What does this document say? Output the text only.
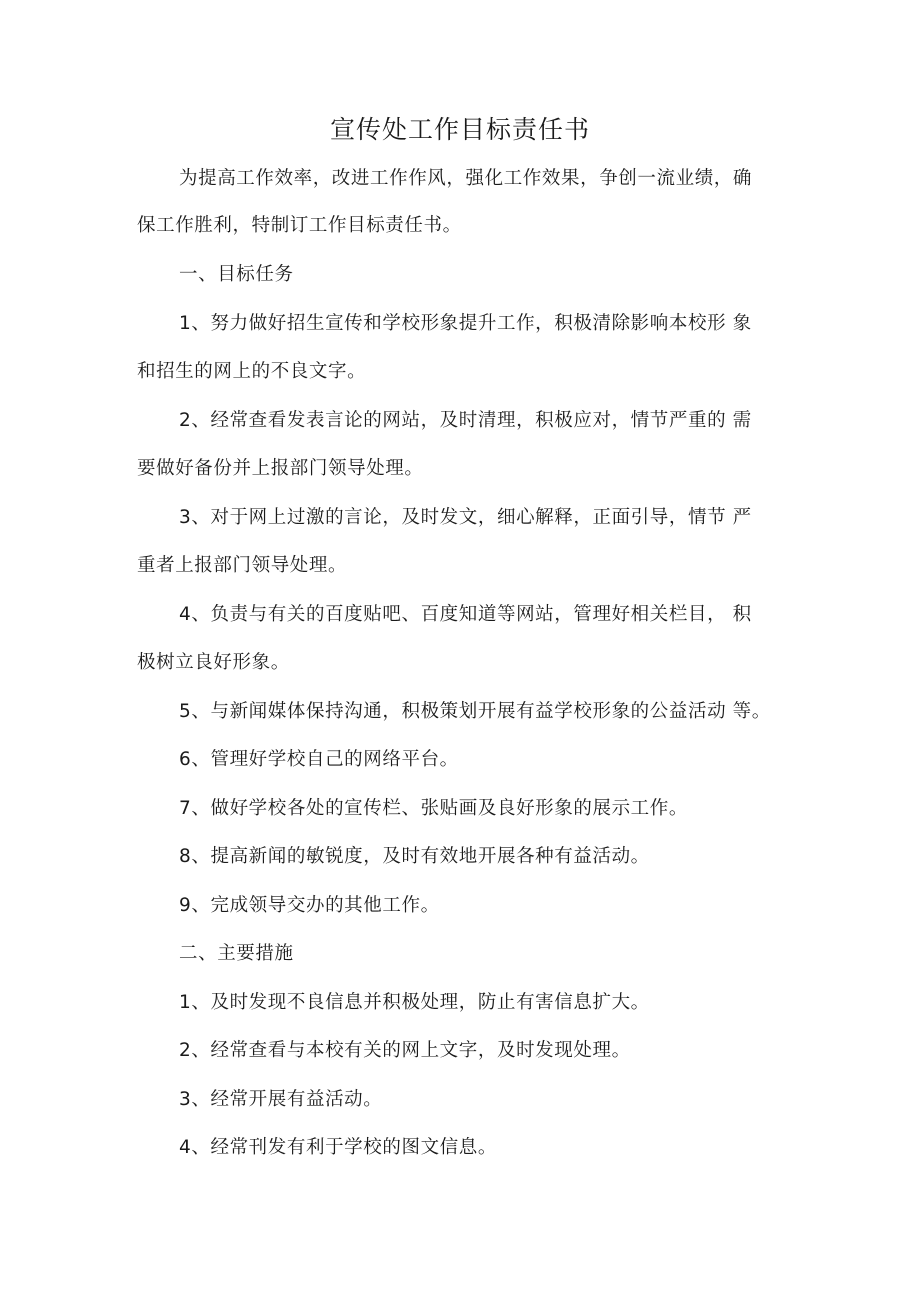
宣传处工作目标责任书
为提高工作效率，改进工作作风，强化工作效果，争创一流业绩，确
保工作胜利，特制订工作目标责任书。
一、目标任务
1、努力做好招生宣传和学校形象提升工作，积极清除影响本校形 象
和招生的网上的不良文字。
2、经常查看发表言论的网站，及时清理，积极应对，情节严重的 需
要做好备份并上报部门领导处理。
3、对于网上过激的言论，及时发文，细心解释，正面引导，情节 严
重者上报部门领导处理。
4、负责与有关的百度贴吧、百度知道等网站，管理好相关栏目， 积
极树立良好形象。
5、与新闻媒体保持沟通，积极策划开展有益学校形象的公益活动 等。
6、管理好学校自己的网络平台。
7、做好学校各处的宣传栏、张贴画及良好形象的展示工作。
8、提高新闻的敏锐度，及时有效地开展各种有益活动。
9、完成领导交办的其他工作。
二、主要措施
1、及时发现不良信息并积极处理，防止有害信息扩大。
2、经常查看与本校有关的网上文字，及时发现处理。
3、经常开展有益活动。
4、经常刊发有利于学校的图文信息。
